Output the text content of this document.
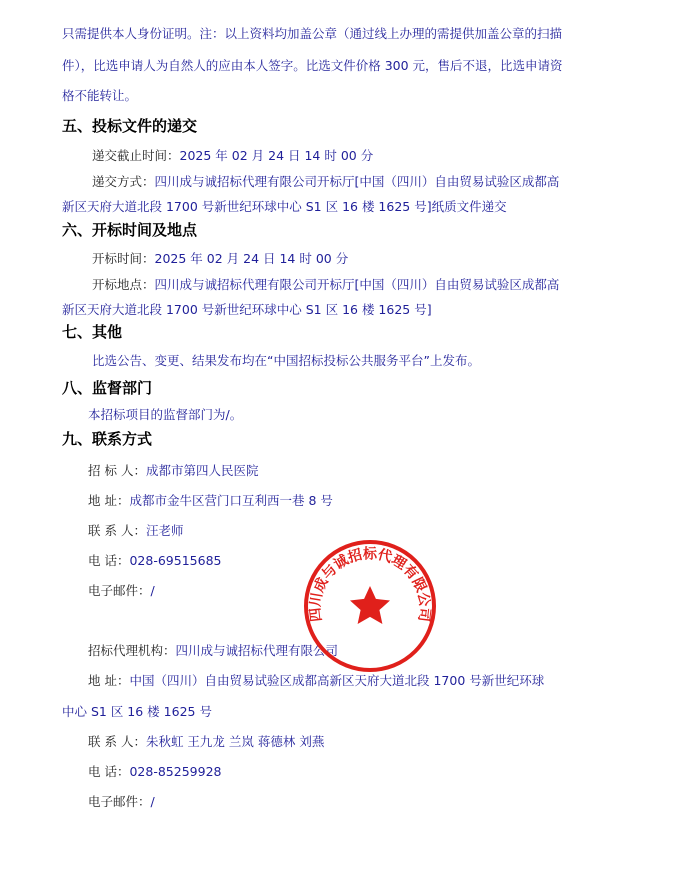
只需提供本人身份证明。注：以上资料均加盖公章（通过线上办理的需提供加盖公章的扫描
件），比选申请人为自然人的应由本人签字。比选文件价格 300 元，售后不退，比选申请资
格不能转让。
五、投标文件的递交
递交截止时间：2025 年 02 月 24 日 14 时 00 分
递交方式：四川成与诚招标代理有限公司开标厅[中国（四川）自由贸易试验区成都高
新区天府大道北段 1700 号新世纪环球中心 S1 区 16 楼 1625 号]纸质文件递交
六、开标时间及地点
开标时间：2025 年 02 月 24 日 14 时 00 分
开标地点：四川成与诚招标代理有限公司开标厅[中国（四川）自由贸易试验区成都高
新区天府大道北段 1700 号新世纪环球中心 S1 区 16 楼 1625 号]
七、其他
比选公告、变更、结果发布均在“中国招标投标公共服务平台”上发布。
八、监督部门
本招标项目的监督部门为/。
九、联系方式
招 标 人：成都市第四人民医院
地 址：成都市金牛区营门口互利西一巷 8 号
联 系 人：汪老师
电 话：028-69515685
电子邮件：/
招标代理机构：四川成与诚招标代理有限公司
地 址：中国（四川）自由贸易试验区成都高新区天府大道北段 1700 号新世纪环球
中心 S1 区 16 楼 1625 号
联 系 人：朱秋虹 王九龙 兰岚 蒋德林 刘燕
电 话：028-85259928
电子邮件：/
四川成与诚招标代理有限公司
